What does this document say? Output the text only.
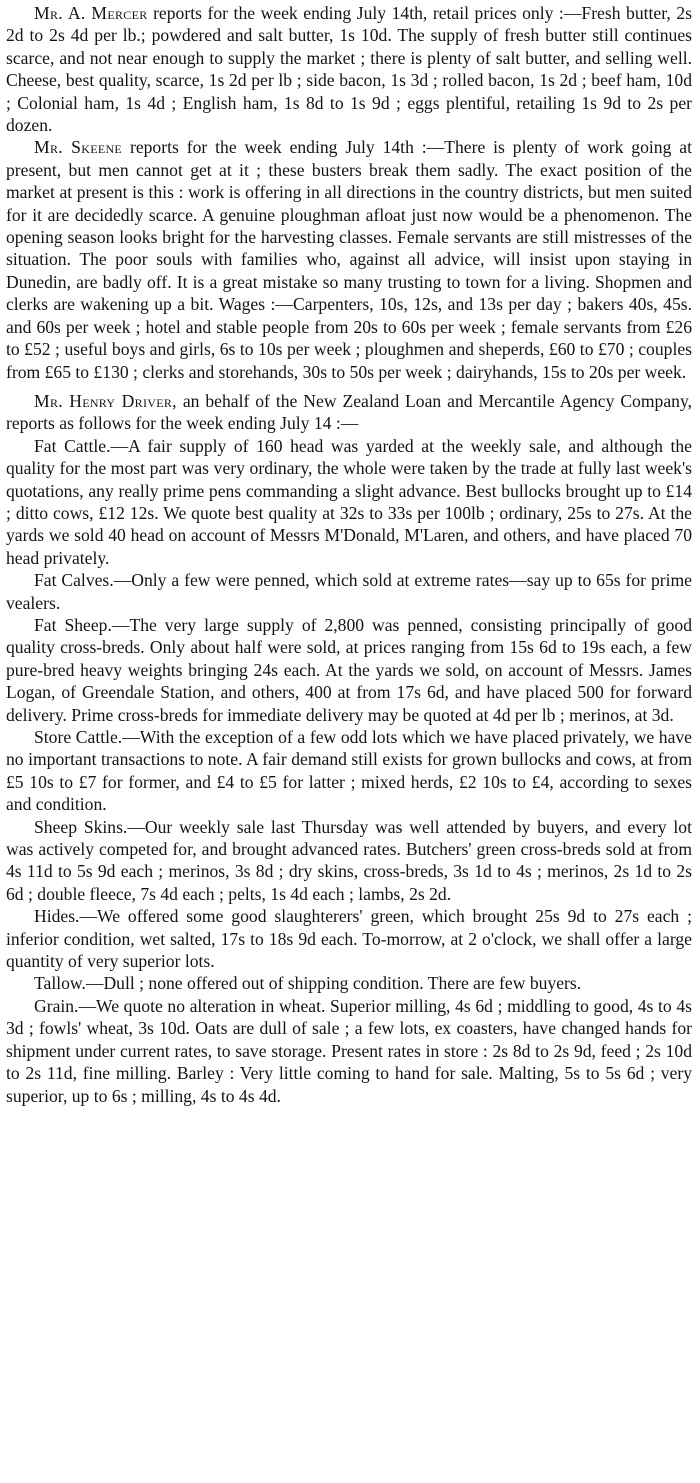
Mr. A. Mercer reports for the week ending July 14th, retail prices only :—Fresh butter, 2s 2d to 2s 4d per lb.; powdered and salt butter, 1s 10d. The supply of fresh butter still continues scarce, and not near enough to supply the market ; there is plenty of salt butter, and selling well. Cheese, best quality, scarce, 1s 2d per lb ; side bacon, 1s 3d ; rolled bacon, 1s 2d ; beef ham, 10d ; Colonial ham, 1s 4d ; English ham, 1s 8d to 1s 9d ; eggs plentiful, retailing 1s 9d to 2s per dozen.

Mr. Skeene reports for the week ending July 14th :—There is plenty of work going at present, but men cannot get at it ; these busters break them sadly. The exact position of the market at present is this : work is offering in all directions in the country districts, but men suited for it are decidedly scarce. A genuine ploughman afloat just now would be a phenomenon. The opening season looks bright for the harvesting classes. Female servants are still mistresses of the situation. The poor souls with families who, against all advice, will insist upon staying in Dunedin, are badly off. It is a great mistake so many trusting to town for a living. Shopmen and clerks are wakening up a bit. Wages :—Carpenters, 10s, 12s, and 13s per day ; bakers 40s, 45s. and 60s per week ; hotel and stable people from 20s to 60s per week ; female servants from £26 to £52 ; useful boys and girls, 6s to 10s per week ; ploughmen and sheperds, £60 to £70 ; couples from £65 to £130 ; clerks and storehands, 30s to 50s per week ; dairyhands, 15s to 20s per week.

Mr. Henry Driver, an behalf of the New Zealand Loan and Mercantile Agency Company, reports as follows for the week ending July 14 :—

Fat Cattle.—A fair supply of 160 head was yarded at the weekly sale, and although the quality for the most part was very ordinary, the whole were taken by the trade at fully last week's quotations, any really prime pens commanding a slight advance. Best bullocks brought up to £14 ; ditto cows, £12 12s. We quote best quality at 32s to 33s per 100lb ; ordinary, 25s to 27s. At the yards we sold 40 head on account of Messrs M'Donald, M'Laren, and others, and have placed 70 head privately.

Fat Calves.—Only a few were penned, which sold at extreme rates—say up to 65s for prime vealers.

Fat Sheep.—The very large supply of 2,800 was penned, consisting principally of good quality cross-breds. Only about half were sold, at prices ranging from 15s 6d to 19s each, a few pure-bred heavy weights bringing 24s each. At the yards we sold, on account of Messrs. James Logan, of Greendale Station, and others, 400 at from 17s 6d, and have placed 500 for forward delivery. Prime cross-breds for immediate delivery may be quoted at 4d per lb ; merinos, at 3d.

Store Cattle.—With the exception of a few odd lots which we have placed privately, we have no important transactions to note. A fair demand still exists for grown bullocks and cows, at from £5 10s to £7 for former, and £4 to £5 for latter ; mixed herds, £2 10s to £4, according to sexes and condition.

Sheep Skins.—Our weekly sale last Thursday was well attended by buyers, and every lot was actively competed for, and brought advanced rates. Butchers' green cross-breds sold at from 4s 11d to 5s 9d each ; merinos, 3s 8d ; dry skins, cross-breds, 3s 1d to 4s ; merinos, 2s 1d to 2s 6d ; double fleece, 7s 4d each ; pelts, 1s 4d each ; lambs, 2s 2d.

Hides.—We offered some good slaughterers' green, which brought 25s 9d to 27s each ; inferior condition, wet salted, 17s to 18s 9d each. To-morrow, at 2 o'clock, we shall offer a large quantity of very superior lots.

Tallow.—Dull ; none offered out of shipping condition. There are few buyers.

Grain.—We quote no alteration in wheat. Superior milling, 4s 6d ; middling to good, 4s to 4s 3d ; fowls' wheat, 3s 10d. Oats are dull of sale ; a few lots, ex coasters, have changed hands for shipment under current rates, to save storage. Present rates in store : 2s 8d to 2s 9d, feed ; 2s 10d to 2s 11d, fine milling. Barley : Very little coming to hand for sale. Malting, 5s to 5s 6d ; very superior, up to 6s ; milling, 4s to 4s 4d.
